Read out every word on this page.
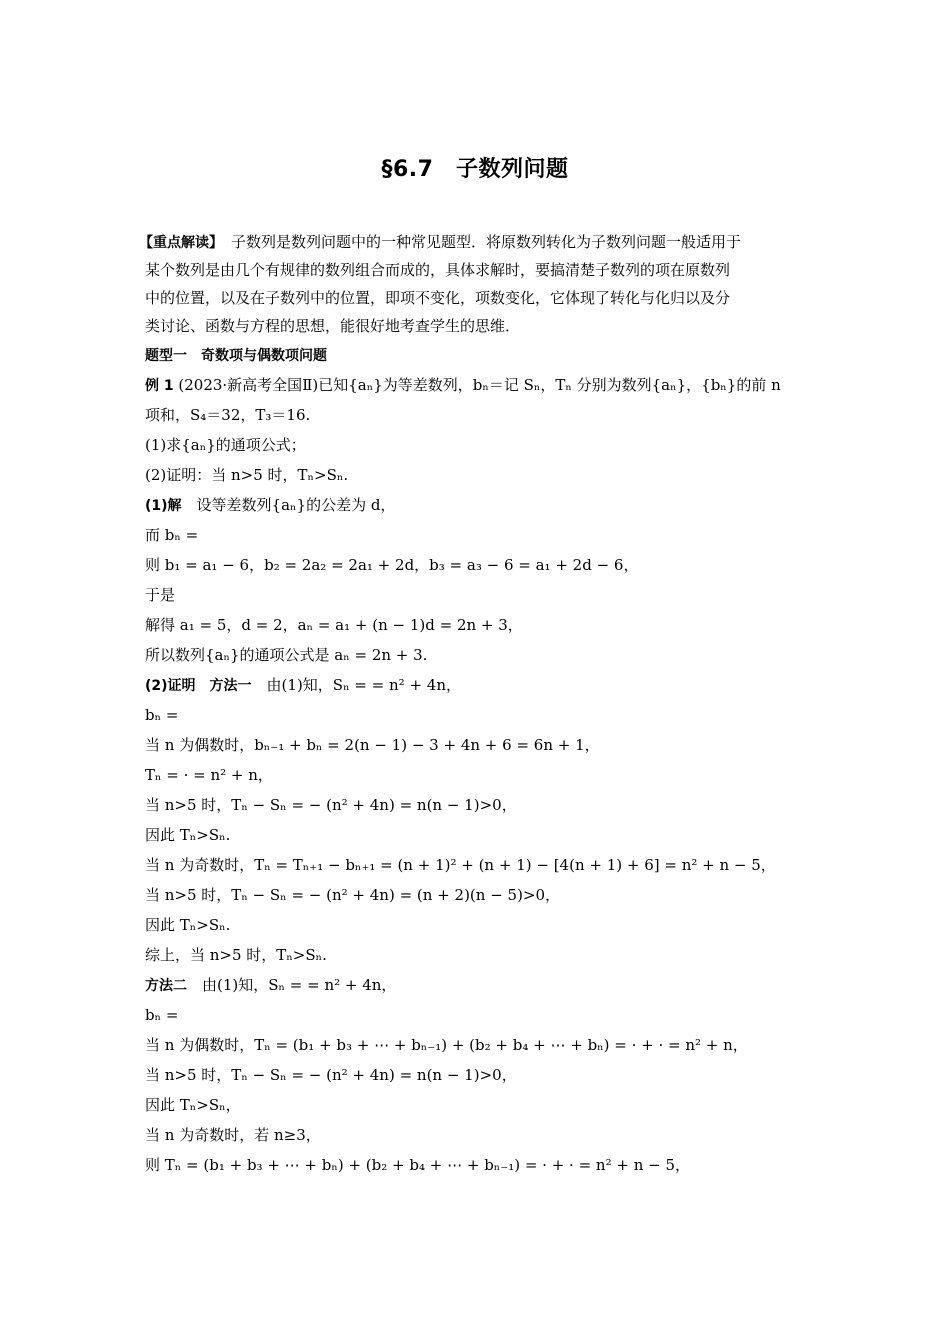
§6.7　子数列问题
【重点解读】　子数列是数列问题中的一种常见题型．将原数列转化为子数列问题一般适用于
某个数列是由几个有规律的数列组合而成的，具体求解时，要搞清楚子数列的项在原数列
中的位置，以及在子数列中的位置，即项不变化，项数变化，它体现了转化与化归以及分
类讨论、函数与方程的思想，能很好地考查学生的思维．
题型一　奇数项与偶数项问题
例 1 (2023·新高考全国Ⅱ)已知{aₙ}为等差数列，bₙ＝记 Sₙ，Tₙ 分别为数列{aₙ}，{bₙ}的前 n
项和，S₄＝32，T₃＝16.
(1)求{aₙ}的通项公式；
(2)证明：当 n>5 时，Tₙ>Sₙ.
(1)解　设等差数列{aₙ}的公差为 d，
而 bₙ =
则 b₁ = a₁ − 6，b₂ = 2a₂ = 2a₁ + 2d，b₃ = a₃ − 6 = a₁ + 2d − 6，
于是
解得 a₁ = 5，d = 2，aₙ = a₁ + (n − 1)d = 2n + 3，
所以数列{aₙ}的通项公式是 aₙ = 2n + 3.
(2)证明　方法一　由(1)知，Sₙ = = n² + 4n，
bₙ =
当 n 为偶数时，bₙ₋₁ + bₙ = 2(n − 1) − 3 + 4n + 6 = 6n + 1，
Tₙ = · = n² + n，
当 n>5 时，Tₙ − Sₙ = − (n² + 4n) = n(n − 1)>0，
因此 Tₙ>Sₙ.
当 n 为奇数时，Tₙ = Tₙ₊₁ − bₙ₊₁ = (n + 1)² + (n + 1) − [4(n + 1) + 6] = n² + n − 5，
当 n>5 时，Tₙ − Sₙ = − (n² + 4n) = (n + 2)(n − 5)>0，
因此 Tₙ>Sₙ.
综上，当 n>5 时，Tₙ>Sₙ.
方法二　由(1)知，Sₙ = = n² + 4n，
bₙ =
当 n 为偶数时，Tₙ = (b₁ + b₃ + ⋯ + bₙ₋₁) + (b₂ + b₄ + ⋯ + bₙ) = · + · = n² + n，
当 n>5 时，Tₙ − Sₙ = − (n² + 4n) = n(n − 1)>0，
因此 Tₙ>Sₙ，
当 n 为奇数时，若 n≥3，
则 Tₙ = (b₁ + b₃ + ⋯ + bₙ) + (b₂ + b₄ + ⋯ + bₙ₋₁) = · + · = n² + n − 5，
